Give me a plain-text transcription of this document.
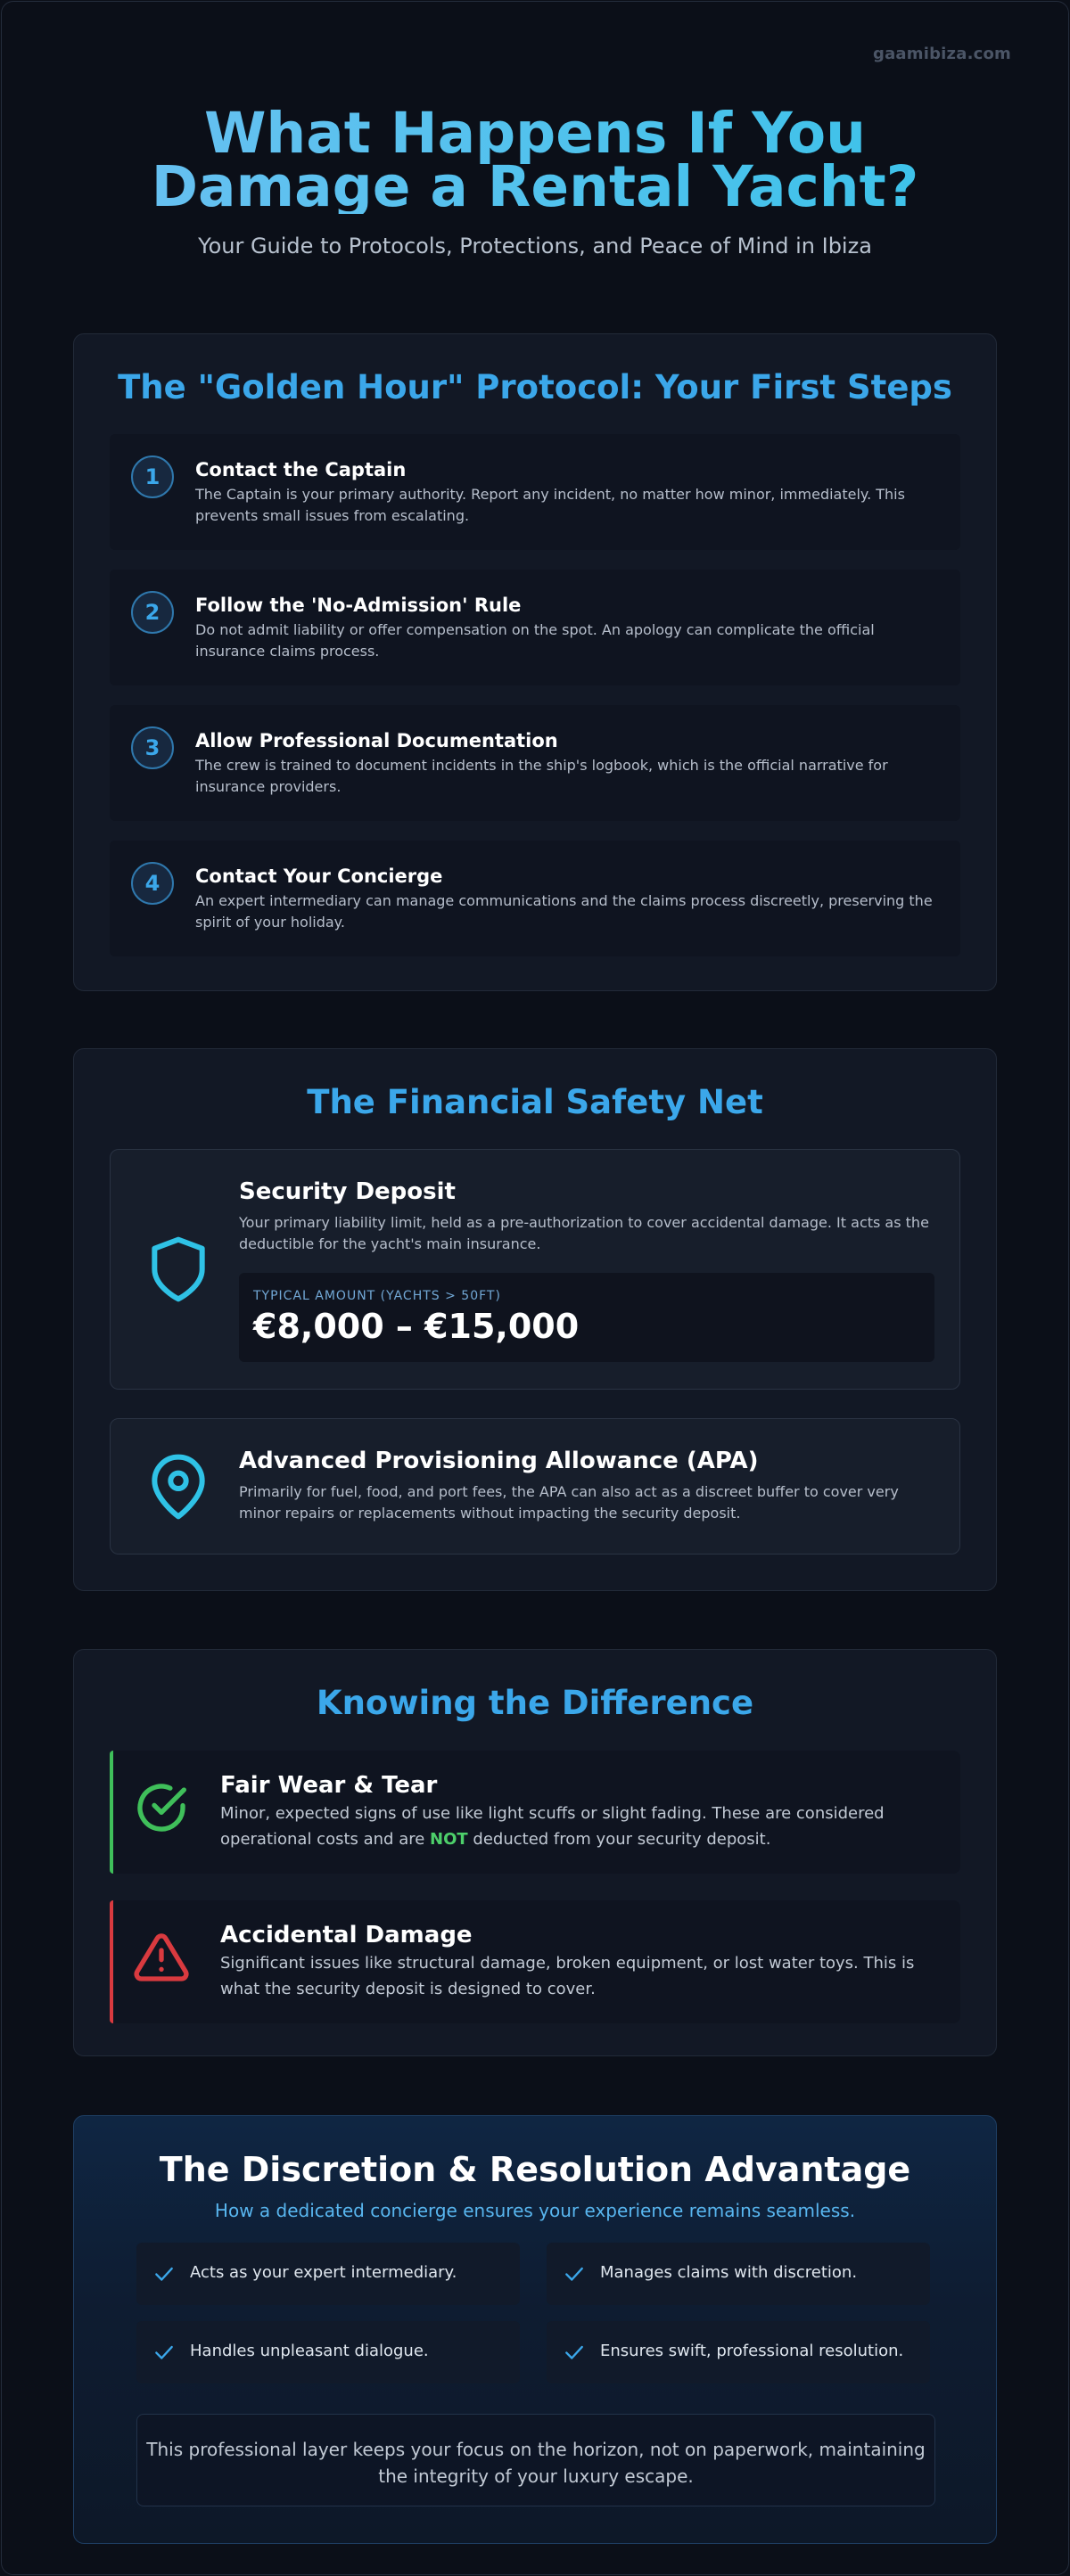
gaamibiza.com
What Happens If You Damage a Rental Yacht?

Your Guide to Protocols, Protections, and Peace of Mind in Ibiza

The "Golden Hour" Protocol: Your First Steps
1	Contact the Captain
The Captain is your primary authority. Report any incident, no matter how minor, immediately. This prevents small issues from escalating.
2	Follow the 'No-Admission' Rule
Do not admit liability or offer compensation on the spot. An apology can complicate the official insurance claims process.
3	Allow Professional Documentation
The crew is trained to document incidents in the ship's logbook, which is the official narrative for insurance providers.
4	Contact Your Concierge
An expert intermediary can manage communications and the claims process discreetly, preserving the spirit of your holiday.
The Financial Safety Net
Security Deposit
Your primary liability limit, held as a pre-authorization to cover accidental damage. It acts as the deductible for the yacht's main insurance.
TYPICAL AMOUNT (YACHTS > 50FT)
€8,000 – €15,000
Advanced Provisioning Allowance (APA)
Primarily for fuel, food, and port fees, the APA can also act as a discreet buffer to cover very minor repairs or replacements without impacting the security deposit.
Knowing the Difference
Fair Wear & Tear
Minor, expected signs of use like light scuffs or slight fading. These are considered operational costs and are NOT deducted from your security deposit.
Accidental Damage
Significant issues like structural damage, broken equipment, or lost water toys. This is what the security deposit is designed to cover.
The Discretion & Resolution Advantage

How a dedicated concierge ensures your experience remains seamless.

Acts as your expert intermediary.	Manages claims with discretion.
Handles unpleasant dialogue.	Ensures swift, professional resolution.
This professional layer keeps your focus on the horizon, not on paperwork, maintaining the integrity of your luxury escape.
